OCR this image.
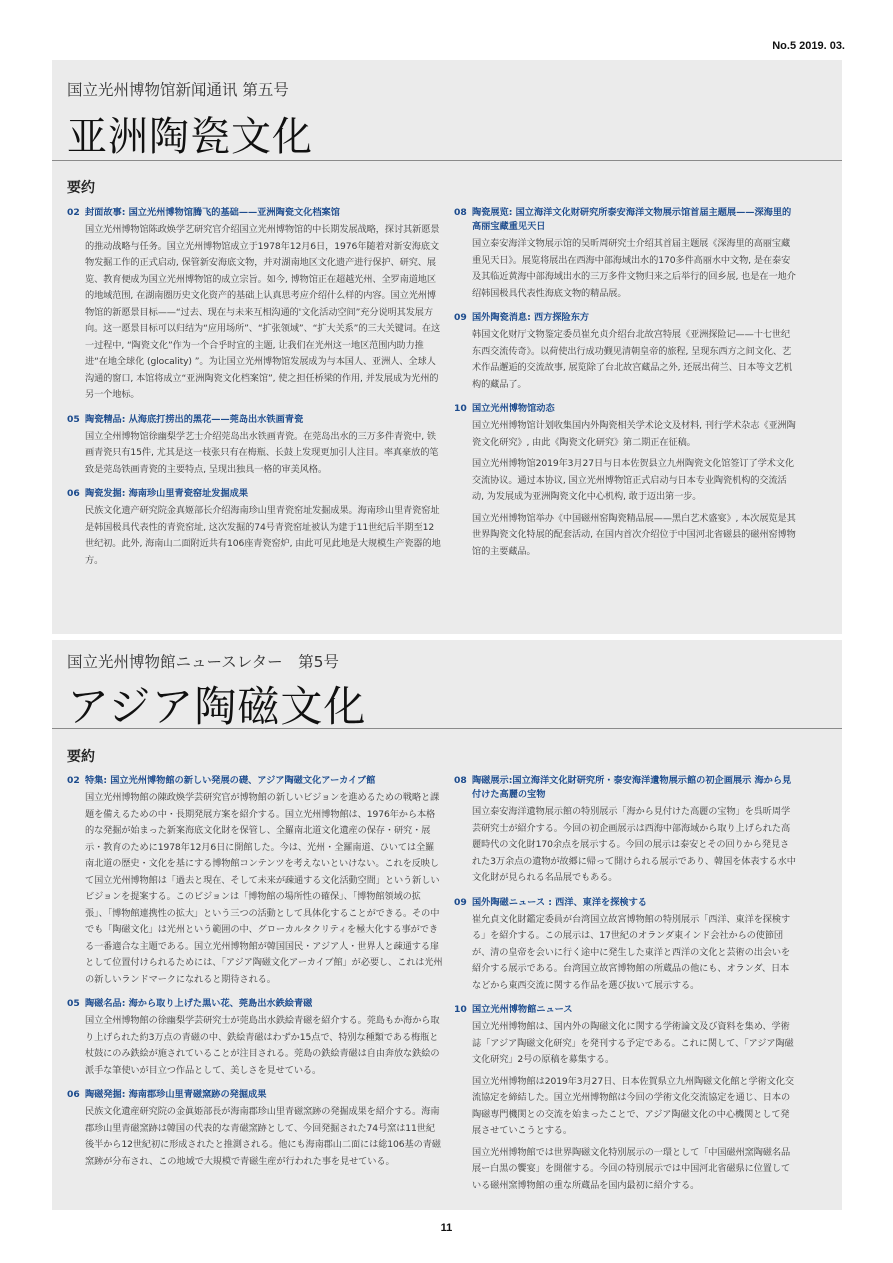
No.5 2019. 03.
国立光州博物馆新闻通讯 第五号
亚洲陶瓷文化
要约
02 封面故事: 国立光州博物馆腾飞的基础——亚洲陶瓷文化档案馆

国立光州博物馆陈政焕学艺研究官介绍国立光州博物馆的中长期发展战略，探讨其新愿景的推动战略与任务。国立光州博物馆成立于1978年12月6日，1976年随着对新安海底文物发掘工作的正式启动, 保管新安海底文物，并对湖南地区文化遗产进行保护、研究、展览、教育便成为国立光州博物馆的成立宗旨。如今, 博物馆正在超越光州、全罗南道地区的地域范围, 在湖南圈历史文化资产的基础上认真思考应介绍什么样的内容。国立光州博物馆的新愿景目标——“过去、现在与未来互相沟通的'文化活动空间”充分说明其发展方向。这一愿景目标可以归结为“应用场所”、“扩张领域”、“扩大关系”的三大关键词。在这一过程中, “陶瓷文化”作为一个合乎时宜的主题, 让我们在光州这一地区范围内助力推进“在地全球化 (glocality) ”。为让国立光州博物馆发展成为与本国人、亚洲人、全球人沟通的窗口, 本馆将成立“亚洲陶瓷文化档案馆”, 使之担任桥梁的作用, 并发展成为光州的另一个地标。

05 陶瓷精品: 从海底打捞出的黑花——莞岛出水铁画青瓷

国立全州博物馆徐幽梨学艺士介绍莞岛出水铁画青瓷。在莞岛出水的三万多件青瓷中, 铁画青瓷只有15件, 尤其是这一枝张只有在梅瓶、长鼓上发现更加引人注目。率真豪放的笔致是莞岛铁画青瓷的主要特点, 呈现出独具一格的审美风格。

06 陶瓷发掘: 海南珍山里青瓷窑址发掘成果

民族文化遗产研究院金真姬部长介绍海南珍山里青瓷窑址发掘成果。海南珍山里青瓷窑址是韩国极具代表性的青瓷窑址, 这次发掘的74号青瓷窑址被认为建于11世纪后半期至12世纪初。此外, 海南山二面附近共有106座青瓷窑炉, 由此可见此地是大规模生产瓷器的地方。

08 陶瓷展览: 国立海洋文化财研究所泰安海洋文物展示馆首届主题展——深海里的高丽宝藏重见天日

国立泰安海洋文物展示馆的吴昕周研究士介绍其首届主题展《深海里的高丽宝藏重见天日》。展览将展出在西海中部海域出水的170多件高丽水中文物, 是在泰安及其临近黄海中部海域出水的三万多件文物归来之后举行的回乡展, 也是在一地介绍韩国极具代表性海底文物的精品展。

09 国外陶瓷消息: 西方探险东方

韩国文化财厅文物鉴定委员崔允贞介绍台北故宫特展《亚洲探险记——十七世纪东西交流传奇》。以荷使出行成功觐见清朝皇帝的旅程, 呈现东西方之间文化、艺术作品邂逅的交流故事, 展览除了台北故宫藏品之外, 还展出荷兰、日本等文艺机构的藏品了。

10 国立光州博物馆动态

国立光州博物馆计划收集国内外陶瓷相关学术论文及材料, 刊行学术杂志《亚洲陶瓷文化研究》, 由此《陶瓷文化研究》第二期正在征稿。

国立光州博物馆2019年3月27日与日本佐贺县立九州陶瓷文化馆签订了学术文化交流协议。通过本协议, 国立光州博物馆正式启动与日本专业陶瓷机构的交流活动, 为发展成为亚洲陶瓷文化中心机构, 敢于迈出第一步。

国立光州博物馆举办《中国磁州窑陶瓷精品展——黑白艺术盛宴》, 本次展览是其世界陶瓷文化特展的配套活动, 在国内首次介绍位于中国河北省磁县的磁州窑博物馆的主要藏品。

国立光州博物館ニュースレター　第5号
アジア陶磁文化
要約
02 特集: 国立光州博物館の新しい発展の礎、アジア陶磁文化アーカイブ館

国立光州博物館の陳政煥学芸研究官が博物館の新しいビジョンを進めるための戦略と課題を備えるための中・長期発展方案を紹介する。国立光州博物館は、1976年から本格的な発掘が始まった新案海底文化財を保管し、全羅南北道文化遺産の保存・研究・展示・教育のために1978年12月6日に開館した。今は、光州・全羅南道、ひいては全羅南北道の歴史・文化を基にする博物館コンテンツを考えないといけない。これを反映して国立光州博物館は「過去と現在、そして未来が疎通する文化活動空間」という新しいビジョンを提案する。このビジョンは「博物館の場所性の確保」、「博物館領域の拡張」、「博物館連携性の拡大」という三つの活動として具体化することができる。その中でも「陶磁文化」は光州という範囲の中、グローカルタクリティを極大化する事ができる一番適合な主題である。国立光州博物館が韓国国民・アジア人・世界人と疎通する扉として位置付けられるためには、「アジア陶磁文化アーカイブ館」が必要し、これは光州の新しいランドマークになれると期待される。

05 陶磁名品: 海から取り上げた黒い花、莞島出水鉄絵青磁

国立全州博物館の徐幽梨学芸研究士が莞島出水鉄絵青磁を紹介する。莞島もか海から取り上げられた約3万点の青磁の中、鉄絵青磁はわずか15点で、特別な種類である梅瓶と杖鼓にのみ鉄絵が施されていることが注目される。莞島の鉄絵青磁は自由奔放な鉄絵の派手な筆使いが目立つ作品として、美しさを見せている。

06 陶磁発掘: 海南郡珍山里青磁窯跡の発掘成果

民族文化遺産研究院の金眞姫部長が海南郡珍山里青磁窯跡の発掘成果を紹介する。海南郡珍山里青磁窯跡は韓国の代表的な青磁窯跡として、今回発掘された74号窯は11世紀後半から12世紀初に形成されたと推測される。他にも海南郡山二面には総106基の青磁窯跡が分布され、この地域で大規模で青磁生産が行われた事を見せている。

08 陶磁展示:国立海洋文化財研究所・泰安海洋遺物展示館の初企画展示 海から見付けた高麗の宝物

国立泰安海洋遺物展示館の特別展示「海から見付けた高麗の宝物」を呉昕周学芸研究士が紹介する。今回の初企画展示は西海中部海域から取り上げられた高麗時代の文化財170余点を展示する。今回の展示は泰安とその回りから発見された3万余点の遺物が故郷に帰って開けられる展示であり、韓国を体表する水中文化財が見られる名品展でもある。

09 国外陶磁ニュース : 西洋、東洋を探検する

崔允貞文化財鑑定委員が台湾国立故宮博物館の特別展示「西洋、東洋を探検する」を紹介する。この展示は、17世紀のオランダ東インド会社からの使節団が、清の皇帝を会いに行く途中に発生した東洋と西洋の文化と芸術の出会いを紹介する展示である。台湾国立故宮博物館の所蔵品の他にも、オランダ、日本などから東西交流に関する作品を選び抜いて展示する。

10 国立光州博物館ニュース

国立光州博物館は、国内外の陶磁文化に関する学術論文及び資料を集め、学術誌「アジア陶磁文化研究」を発刊する予定である。これに関して、「アジア陶磁文化研究」2号の原稿を募集する。

国立光州博物館は2019年3月27日、日本佐賀県立九州陶磁文化館と学術文化交流協定を締結した。国立光州博物館は今回の学術文化交流協定を通じ、日本の陶磁専門機関との交流を始まったことで、アジア陶磁文化の中心機関として発展させていこうとする。

国立光州博物館では世界陶磁文化特別展示の一環として「中国磁州窯陶磁名品展ー白黒の饗宴」を開催する。今回の特別展示では中国河北省磁県に位置している磁州窯博物館の重な所蔵品を国内最初に紹介する。

11
